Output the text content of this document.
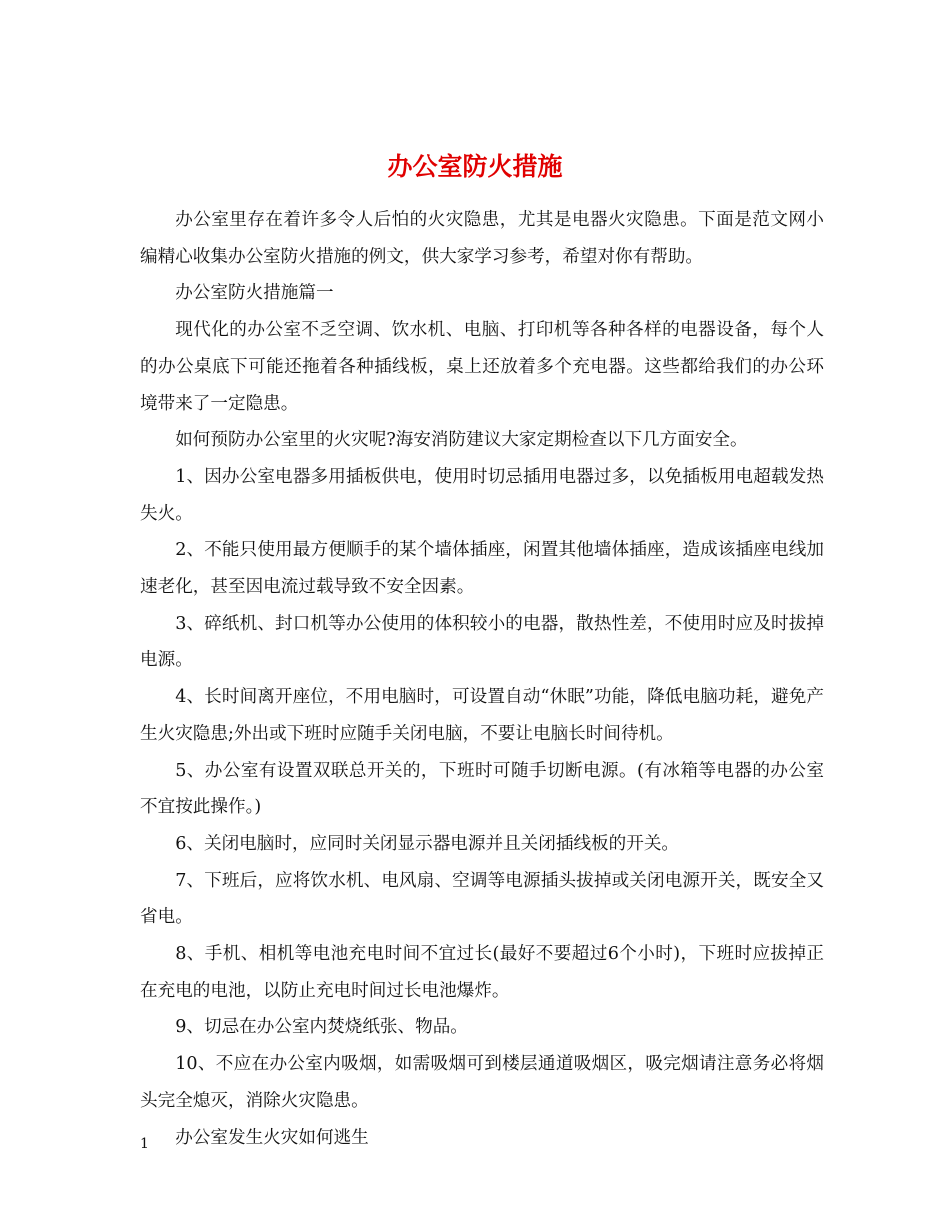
办公室防火措施

办公室里存在着许多令人后怕的火灾隐患，尤其是电器火灾隐患。下面是范文网小编精心收集办公室防火措施的例文，供大家学习参考，希望对你有帮助。

办公室防火措施篇一

现代化的办公室不乏空调、饮水机、电脑、打印机等各种各样的电器设备，每个人的办公桌底下可能还拖着各种插线板，桌上还放着多个充电器。这些都给我们的办公环境带来了一定隐患。

如何预防办公室里的火灾呢?海安消防建议大家定期检查以下几方面安全。

1、因办公室电器多用插板供电，使用时切忌插用电器过多，以免插板用电超载发热失火。

2、不能只使用最方便顺手的某个墙体插座，闲置其他墙体插座，造成该插座电线加速老化，甚至因电流过载导致不安全因素。

3、碎纸机、封口机等办公使用的体积较小的电器，散热性差，不使用时应及时拔掉电源。

4、长时间离开座位，不用电脑时，可设置自动“休眠”功能，降低电脑功耗，避免产生火灾隐患;外出或下班时应随手关闭电脑，不要让电脑长时间待机。

5、办公室有设置双联总开关的，下班时可随手切断电源。(有冰箱等电器的办公室不宜按此操作。)

6、关闭电脑时，应同时关闭显示器电源并且关闭插线板的开关。

7、下班后，应将饮水机、电风扇、空调等电源插头拔掉或关闭电源开关，既安全又省电。

8、手机、相机等电池充电时间不宜过长(最好不要超过6个小时)，下班时应拔掉正在充电的电池，以防止充电时间过长电池爆炸。

9、切忌在办公室内焚烧纸张、物品。

10、不应在办公室内吸烟，如需吸烟可到楼层通道吸烟区，吸完烟请注意务必将烟头完全熄灭，消除火灾隐患。

办公室发生火灾如何逃生

1
